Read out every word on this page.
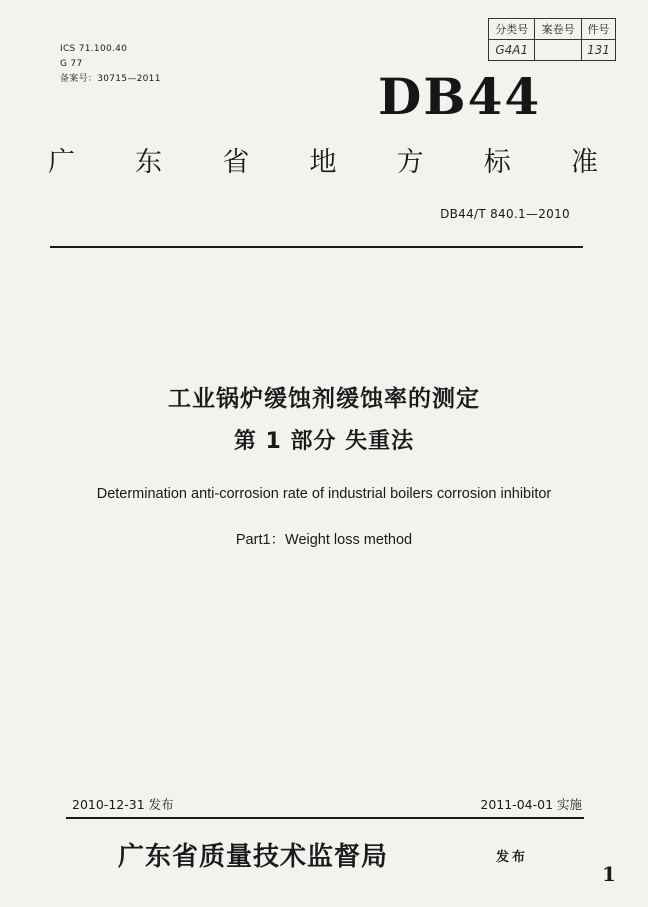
ICS 71.100.40
G 77
备案号：30715—2011
分类号	案卷号	件号
G4A1		131
DB44
广 东 省 地 方 标 准
DB44/T 840.1—2010
工业锅炉缓蚀剂缓蚀率的测定
第 1 部分 失重法
Determination anti-corrosion rate of industrial boilers corrosion inhibitor
Part1：Weight loss method
2010-12-31 发布	2011-04-01 实施
广东省质量技术监督局	发布
1
